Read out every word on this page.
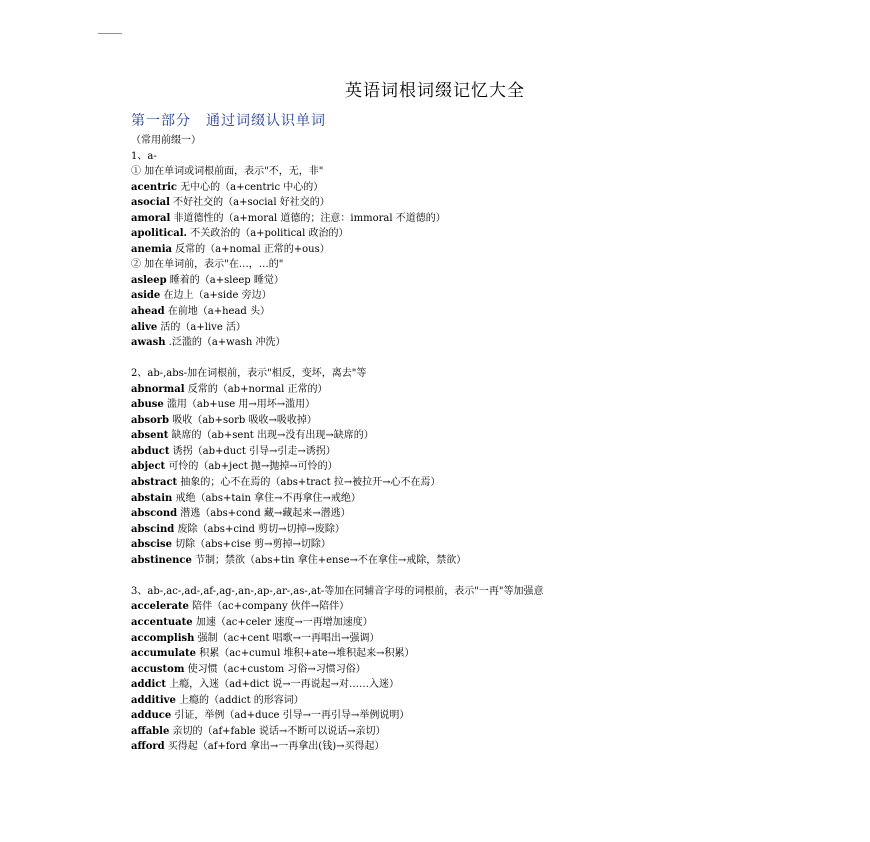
英语词根词缀记忆大全
第一部分　通过词缀认识单词
（常用前缀一）
1、a-
① 加在单词或词根前面，表示"不，无，非"
acentric 无中心的（a+centric 中心的）
asocial 不好社交的（a+social 好社交的）
amoral 非道德性的（a+moral 道德的；注意：immoral 不道德的）
apolitical. 不关政治的（a+political 政治的）
anemia 反常的（a+nomal 正常的+ous）
② 加在单词前，表示"在…，…的"
asleep 睡着的（a+sleep 睡觉）
aside 在边上（a+side 旁边）
ahead 在前地（a+head 头）
alive 活的（a+live 活）
awash .泛滥的（a+wash 冲洗）
2、ab-,abs-加在词根前，表示"相反，变坏，离去"等
abnormal 反常的（ab+normal 正常的）
abuse 滥用（ab+use 用→用坏→滥用）
absorb 吸收（ab+sorb 吸收→吸收掉）
absent 缺席的（ab+sent 出现→没有出现→缺席的）
abduct 诱拐（ab+duct 引导→引走→诱拐）
abject 可怜的（ab+ject 抛→抛掉→可怜的）
abstract 抽象的；心不在焉的（abs+tract 拉→被拉开→心不在焉）
abstain 戒绝（abs+tain 拿住→不再拿住→戒绝）
abscond 潜逃（abs+cond 藏→藏起来→潜逃）
abscind 废除（abs+cind 剪切→切掉→废除）
abscise 切除（abs+cise 剪→剪掉→切除）
abstinence 节制；禁欲（abs+tin 拿住+ense→不在拿住→戒除，禁欲）
3、ab-,ac-,ad-,af-,ag-,an-,ap-,ar-,as-,at-等加在同辅音字母的词根前，表示"一再"等加强意
accelerate 陪伴（ac+company 伙伴→陪伴）
accentuate 加速（ac+celer 速度→一再增加速度）
accomplish 强制（ac+cent 唱歌→一再唱出→强调）
accumulate 积累（ac+cumul 堆积+ate→堆积起来→积累）
accustom 使习惯（ac+custom 习俗→习惯习俗）
addict 上瘾，入迷（ad+dict 说→一再说起→对……入迷）
additive 上瘾的（addict 的形容词）
adduce 引证，举例（ad+duce 引导→一再引导→举例说明）
affable 亲切的（af+fable 说话→不断可以说话→亲切）
afford 买得起（af+ford 拿出→一再拿出(钱)→买得起）
